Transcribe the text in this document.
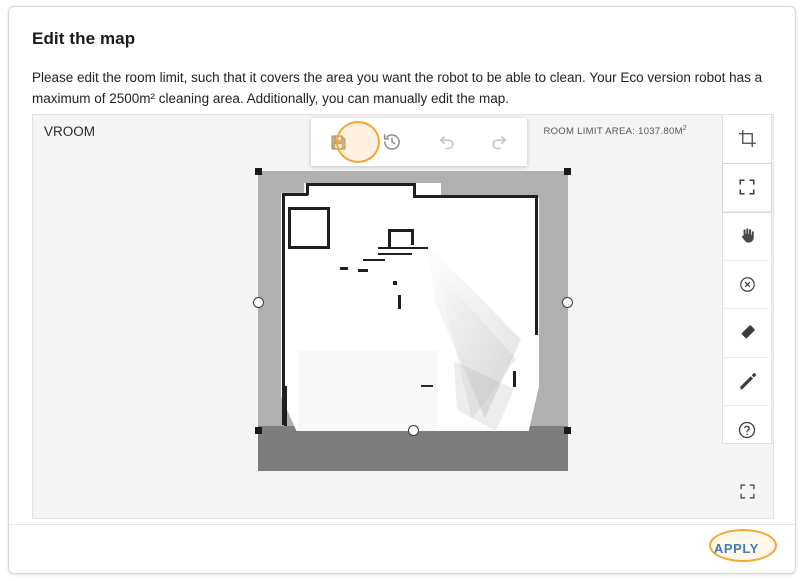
Edit the map
Please edit the room limit, such that it covers the area you want the robot to be able to clean. Your Eco version robot has a maximum of 2500m² cleaning area. Additionally, you can manually edit the map.
VROOM	ROOM LIMIT AREA: $1037.80M^2$
APPLY
